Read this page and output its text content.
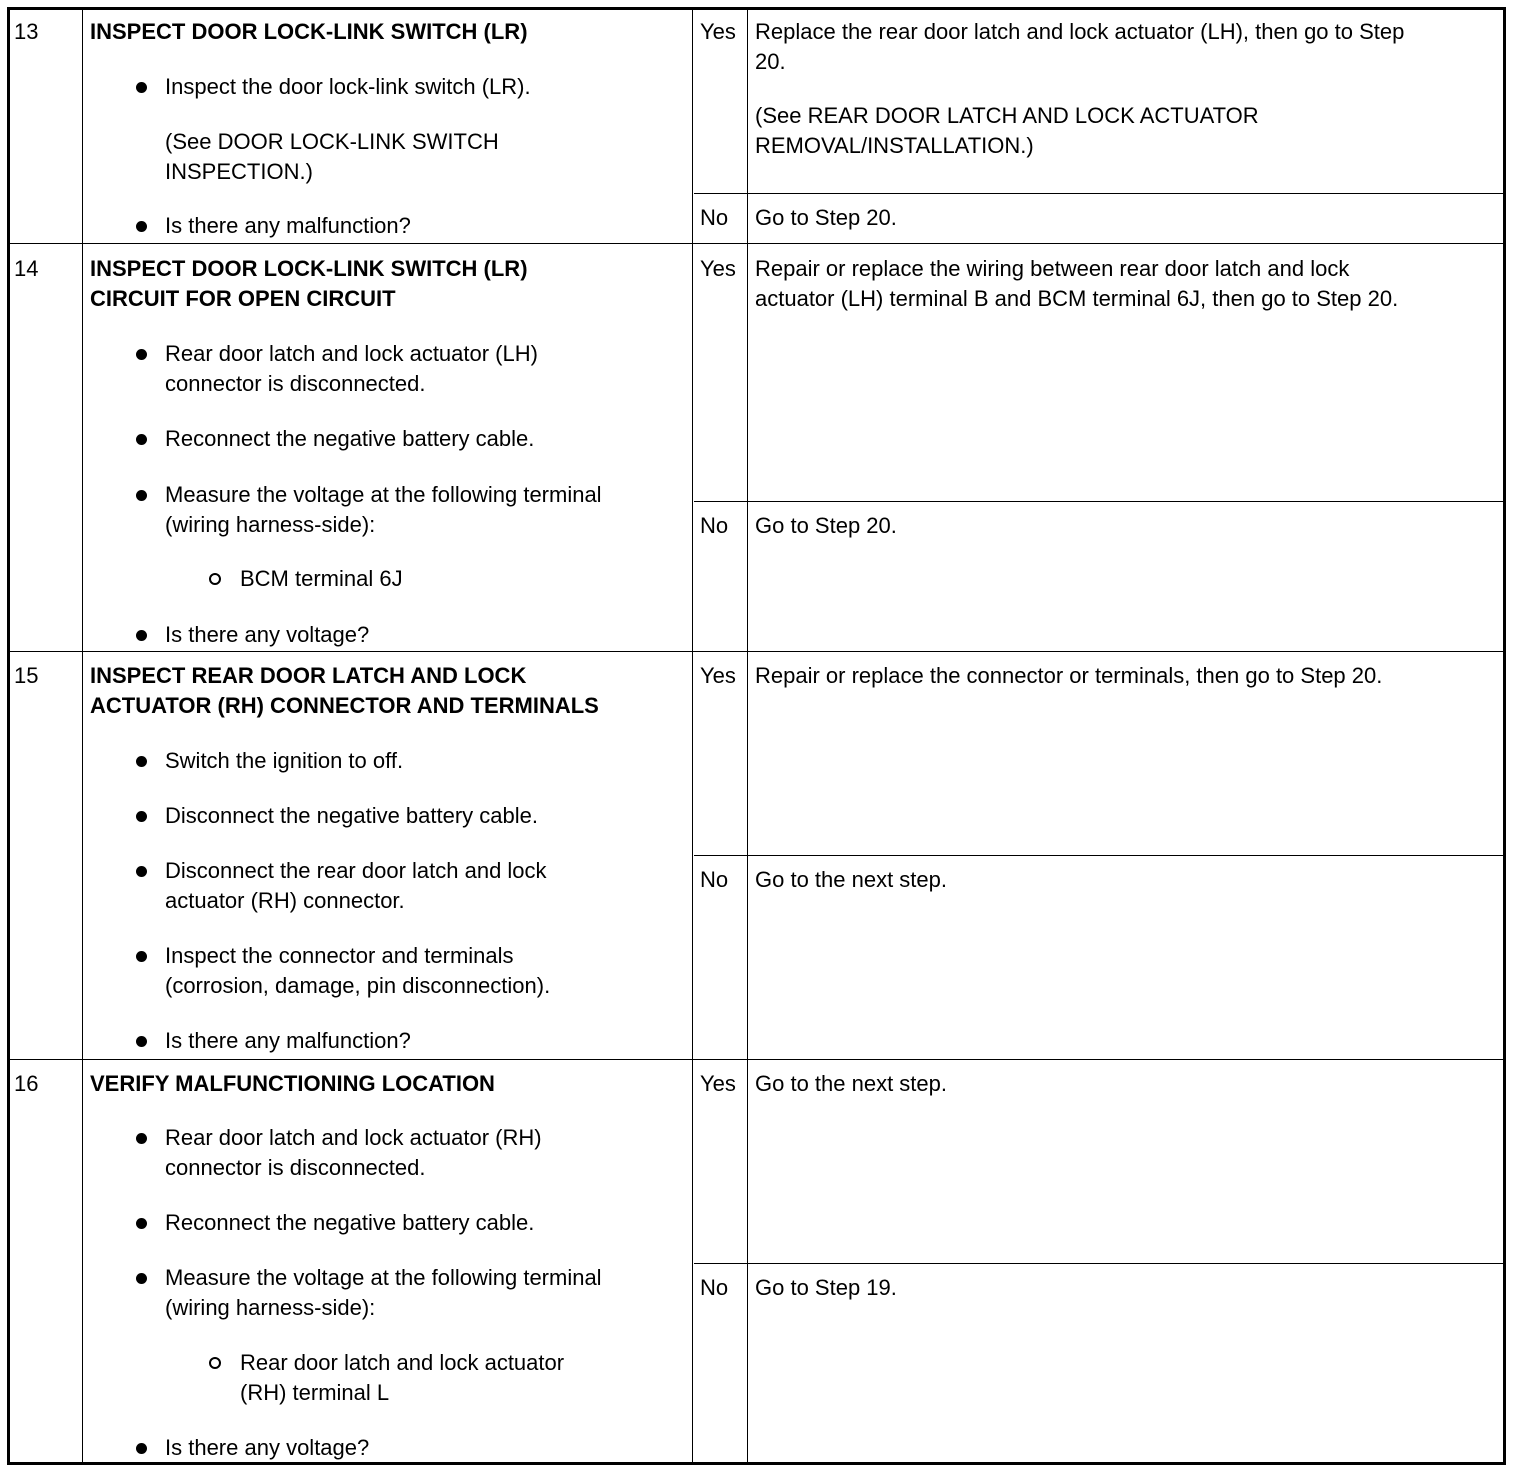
13 INSPECT DOOR LOCK-LINK SWITCH (LR)
Inspect the door lock-link switch (LR).
(See DOOR LOCK-LINK SWITCH
INSPECTION.)
Is there any malfunction?
Yes Replace the rear door latch and lock actuator (LH), then go to Step
20.
(See REAR DOOR LATCH AND LOCK ACTUATOR
REMOVAL/INSTALLATION.)
No Go to Step 20.
14 INSPECT DOOR LOCK-LINK SWITCH (LR)
CIRCUIT FOR OPEN CIRCUIT
Rear door latch and lock actuator (LH)
connector is disconnected.
Reconnect the negative battery cable.
Measure the voltage at the following terminal
(wiring harness-side):
BCM terminal 6J
Is there any voltage?
Yes Repair or replace the wiring between rear door latch and lock
actuator (LH) terminal B and BCM terminal 6J, then go to Step 20.
No Go to Step 20.
15 INSPECT REAR DOOR LATCH AND LOCK
ACTUATOR (RH) CONNECTOR AND TERMINALS
Switch the ignition to off.
Disconnect the negative battery cable.
Disconnect the rear door latch and lock
actuator (RH) connector.
Inspect the connector and terminals
(corrosion, damage, pin disconnection).
Is there any malfunction?
Yes Repair or replace the connector or terminals, then go to Step 20.
No Go to the next step.
16 VERIFY MALFUNCTIONING LOCATION
Rear door latch and lock actuator (RH)
connector is disconnected.
Reconnect the negative battery cable.
Measure the voltage at the following terminal
(wiring harness-side):
Rear door latch and lock actuator
(RH) terminal L
Is there any voltage?
Yes Go to the next step.
No Go to Step 19.
